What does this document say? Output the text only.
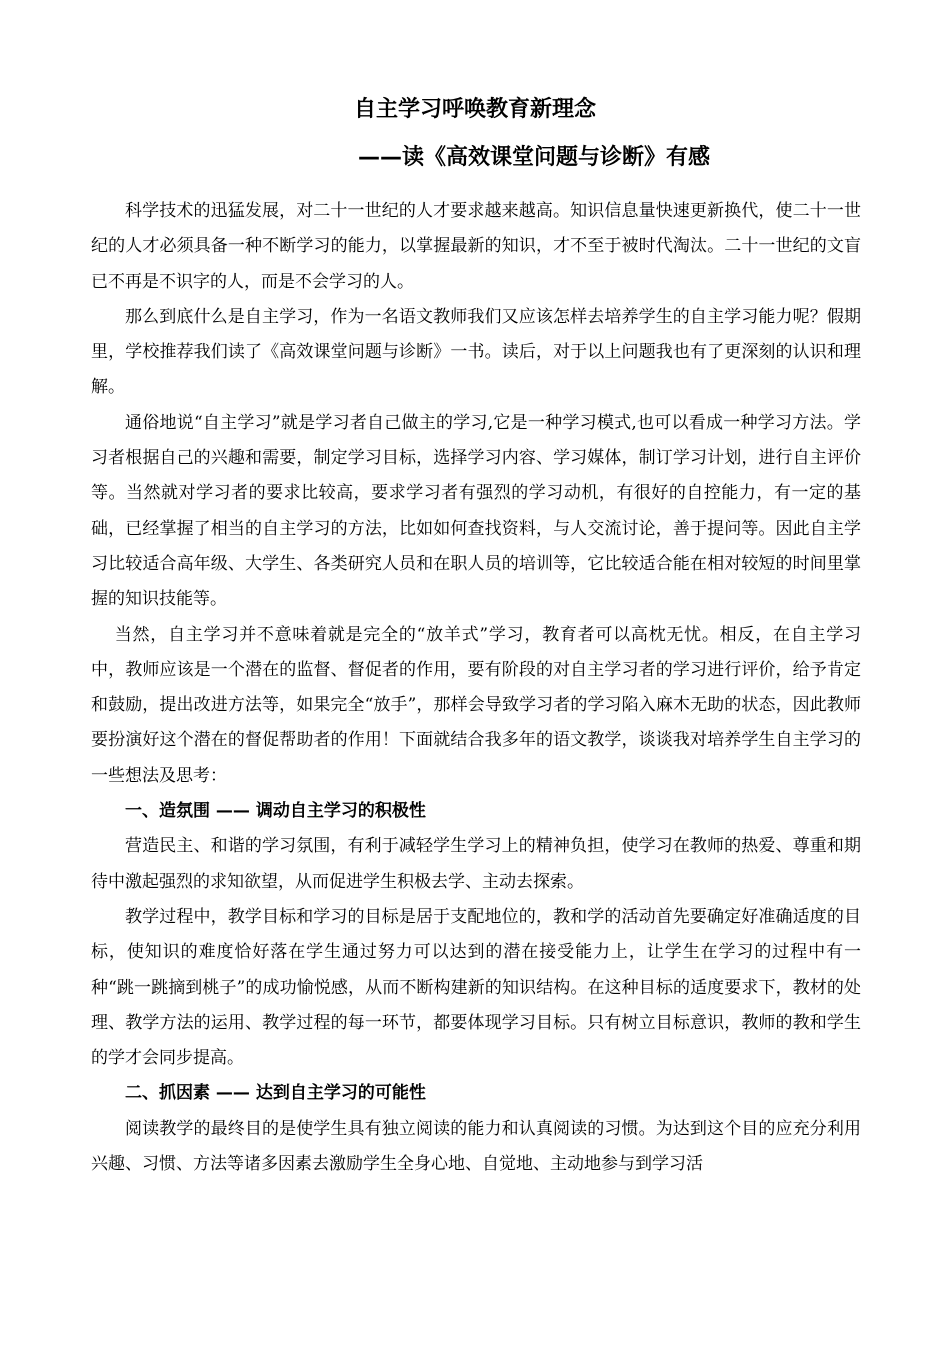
自主学习呼唤教育新理念
——读《高效课堂问题与诊断》有感

科学技术的迅猛发展，对二十一世纪的人才要求越来越高。知识信息量快速更新换代，使二十一世纪的人才必须具备一种不断学习的能力，以掌握最新的知识，才不至于被时代淘汰。二十一世纪的文盲已不再是不识字的人，而是不会学习的人。

那么到底什么是自主学习，作为一名语文教师我们又应该怎样去培养学生的自主学习能力呢？假期里，学校推荐我们读了《高效课堂问题与诊断》一书。读后，对于以上问题我也有了更深刻的认识和理解。

通俗地说“自主学习”就是学习者自己做主的学习,它是一种学习模式,也可以看成一种学习方法。学习者根据自己的兴趣和需要，制定学习目标，选择学习内容、学习媒体，制订学习计划，进行自主评价等。当然就对学习者的要求比较高，要求学习者有强烈的学习动机，有很好的自控能力，有一定的基础，已经掌握了相当的自主学习的方法，比如如何查找资料，与人交流讨论，善于提问等。因此自主学习比较适合高年级、大学生、各类研究人员和在职人员的培训等，它比较适合能在相对较短的时间里掌握的知识技能等。

当然，自主学习并不意味着就是完全的“放羊式”学习，教育者可以高枕无忧。相反，在自主学习中，教师应该是一个潜在的监督、督促者的作用，要有阶段的对自主学习者的学习进行评价，给予肯定和鼓励，提出改进方法等，如果完全“放手”，那样会导致学习者的学习陷入麻木无助的状态，因此教师要扮演好这个潜在的督促帮助者的作用！下面就结合我多年的语文教学，谈谈我对培养学生自主学习的一些想法及思考：

一、造氛围 —— 调动自主学习的积极性

营造民主、和谐的学习氛围，有利于减轻学生学习上的精神负担，使学习在教师的热爱、尊重和期待中激起强烈的求知欲望，从而促进学生积极去学、主动去探索。

教学过程中，教学目标和学习的目标是居于支配地位的，教和学的活动首先要确定好准确适度的目标，使知识的难度恰好落在学生通过努力可以达到的潜在接受能力上，让学生在学习的过程中有一种“跳一跳摘到桃子”的成功愉悦感，从而不断构建新的知识结构。在这种目标的适度要求下，教材的处理、教学方法的运用、教学过程的每一环节，都要体现学习目标。只有树立目标意识，教师的教和学生的学才会同步提高。

二、抓因素 —— 达到自主学习的可能性

阅读教学的最终目的是使学生具有独立阅读的能力和认真阅读的习惯。为达到这个目的应充分利用兴趣、习惯、方法等诸多因素去激励学生全身心地、自觉地、主动地参与到学习活
